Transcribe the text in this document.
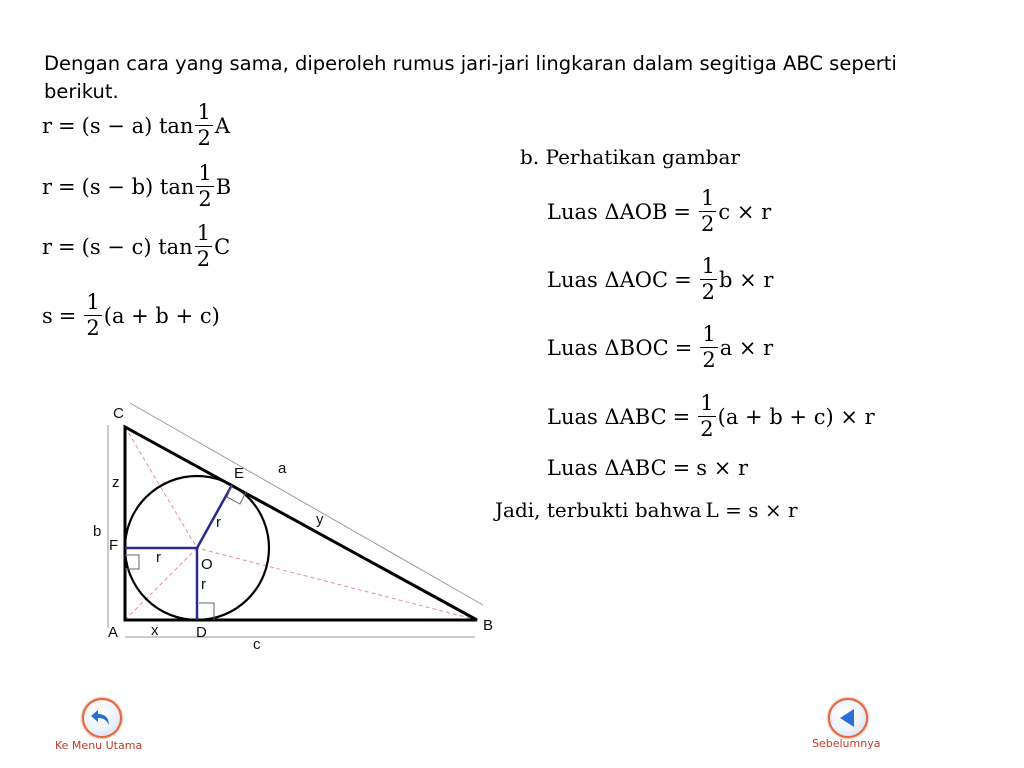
Dengan cara yang sama, diperoleh rumus jari-jari lingkaran dalam segitiga ABC seperti berikut.
r = (s − a) $\tan \frac{1}{2}$ A
r = (s − b) $\tan \frac{1}{2}$ B
r = (s − c) $\tan \frac{1}{2}$ C
$s = \frac{1}{2} (a + b + c)$
b. Perhatikan gambar
Luas $\Delta AOB = \frac{1}{2}$ c × r
Luas $\Delta AOC = \frac{1}{2}$ b × r
Luas $\Delta BOC = \frac{1}{2}$ a × r
Luas $\Delta ABC = \frac{1}{2} (a + b + c) \times r$
Luas ΔABC = s × r
Jadi, terbukti bahwa L = s × r
C
E a
z
b
F
r	y
r	O
r
A x	D	B
c
Ke Menu Utama	Sebelumnya
